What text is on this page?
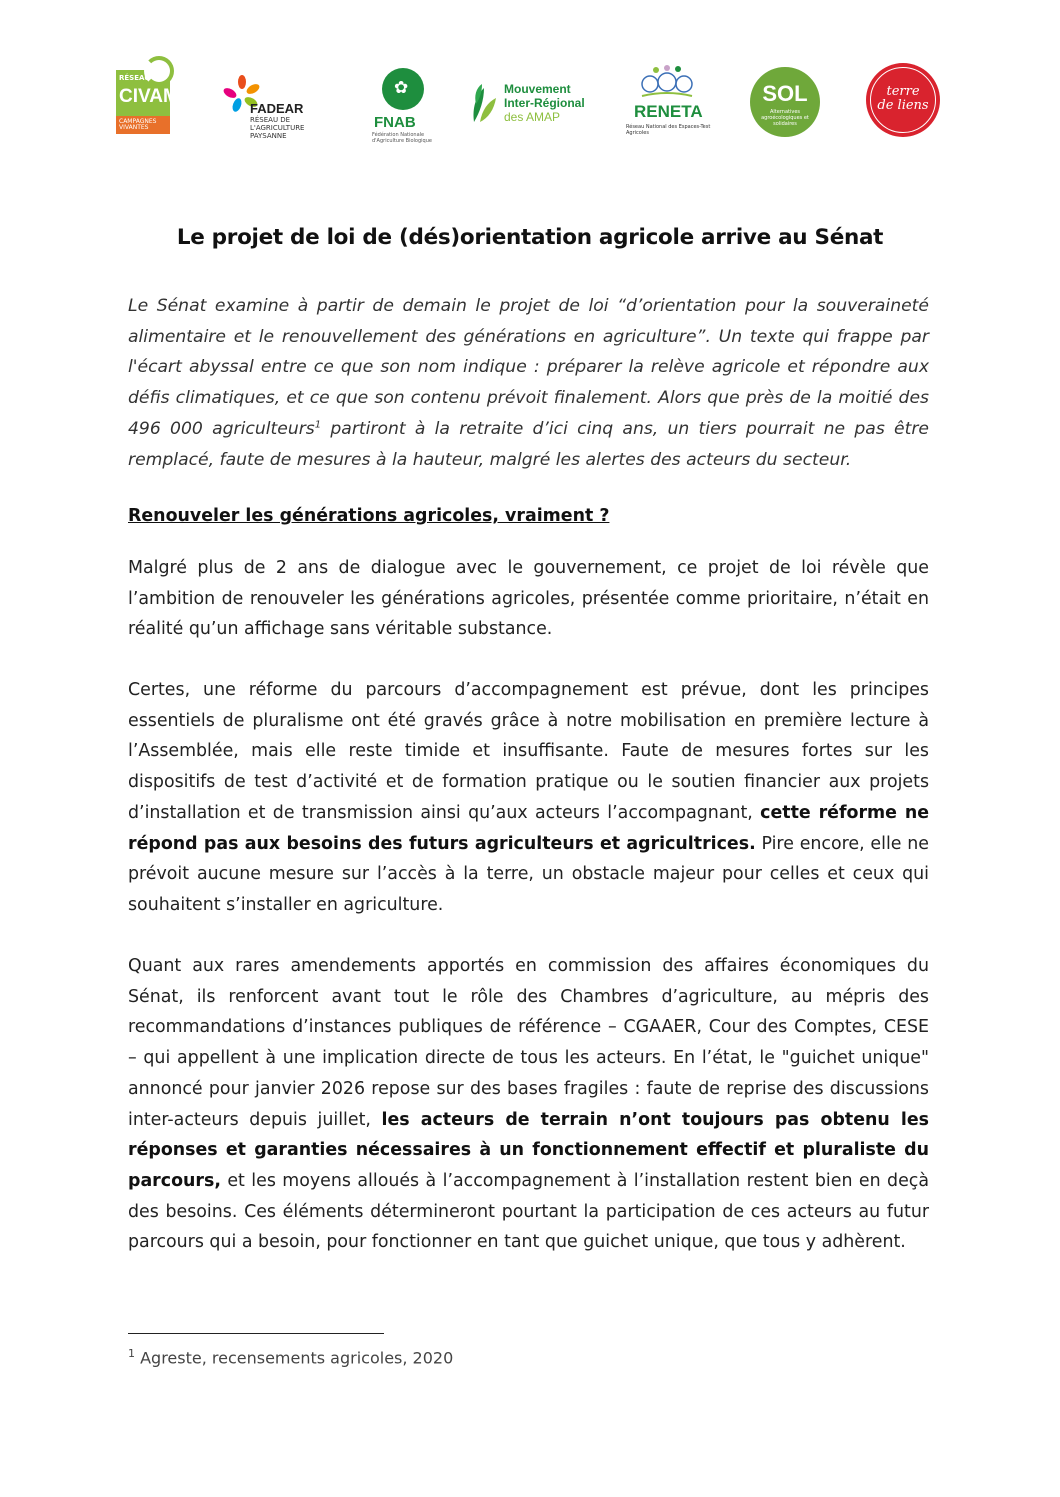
RÉSEAU
CIVAM
CAMPAGNES VIVANTES
FADEAR
RÉSEAU DE L'AGRICULTURE PAYSANNE
✿
FNAB
Fédération Nationale d'Agriculture Biologique
Mouvement
Inter-Régional
des AMAP	RENETA
Réseau National des Espaces-Test Agricoles
SOL
Alternatives agroécologiques et solidaires
terre
de liens
Le projet de loi de (dés)orientation agricole arrive au Sénat

Le Sénat examine à partir de demain le projet de loi “d’orientation pour la souveraineté alimentaire et le renouvellement des générations en agriculture”. Un texte qui frappe par l'écart abyssal entre ce que son nom indique : préparer la relève agricole et répondre aux défis climatiques, et ce que son contenu prévoit finalement. Alors que près de la moitié des 496 000 agriculteurs$^1$ partiront à la retraite d’ici cinq ans, un tiers pourrait ne pas être remplacé, faute de mesures à la hauteur, malgré les alertes des acteurs du secteur.

Renouveler les générations agricoles, vraiment ?

Malgré plus de 2 ans de dialogue avec le gouvernement, ce projet de loi révèle que l’ambition de renouveler les générations agricoles, présentée comme prioritaire, n’était en réalité qu’un affichage sans véritable substance.

Certes, une réforme du parcours d’accompagnement est prévue, dont les principes essentiels de pluralisme ont été gravés grâce à notre mobilisation en première lecture à l’Assemblée, mais elle reste timide et insuffisante. Faute de mesures fortes sur les dispositifs de test d’activité et de formation pratique ou le soutien financier aux projets d’installation et de transmission ainsi qu’aux acteurs l’accompagnant, cette réforme ne répond pas aux besoins des futurs agriculteurs et agricultrices. Pire encore, elle ne prévoit aucune mesure sur l’accès à la terre, un obstacle majeur pour celles et ceux qui souhaitent s’installer en agriculture.

Quant aux rares amendements apportés en commission des affaires économiques du Sénat, ils renforcent avant tout le rôle des Chambres d’agriculture, au mépris des recommandations d’instances publiques de référence – CGAAER, Cour des Comptes, CESE – qui appellent à une implication directe de tous les acteurs. En l’état, le "guichet unique" annoncé pour janvier 2026 repose sur des bases fragiles : faute de reprise des discussions inter-acteurs depuis juillet, les acteurs de terrain n’ont toujours pas obtenu les réponses et garanties nécessaires à un fonctionnement effectif et pluraliste du parcours, et les moyens alloués à l’accompagnement à l’installation restent bien en deçà des besoins. Ces éléments détermineront pourtant la participation de ces acteurs au futur parcours qui a besoin, pour fonctionner en tant que guichet unique, que tous y adhèrent.

$^1$ Agreste, recensements agricoles, 2020
